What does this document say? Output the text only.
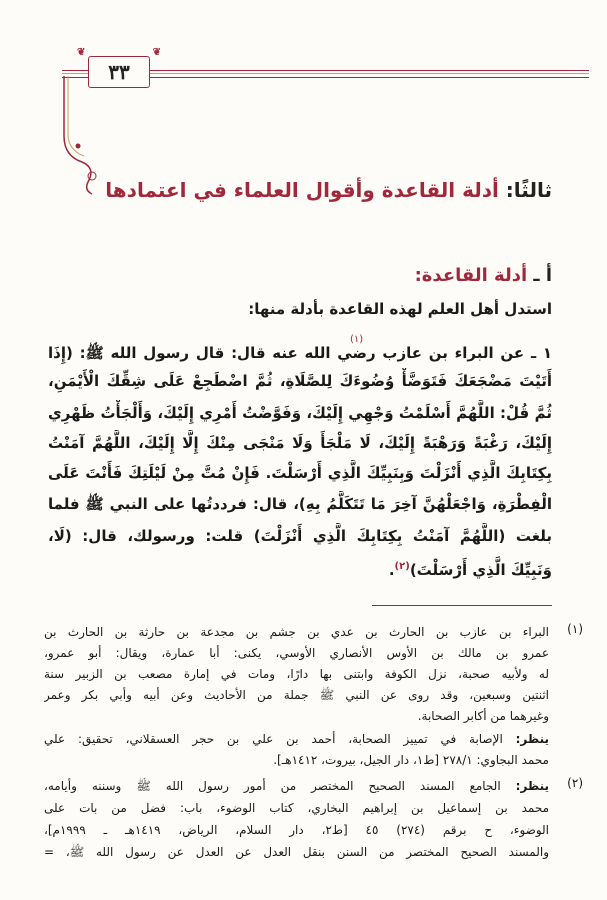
❦
٣٣
❦
ثالثًا: أدلة القاعدة وأقوال العلماء في اعتمادها
أ ـ أدلة القاعدة:
استدل أهل العلم لهذه القاعدة بأدلة منها:
١ ـ عن البراء بن عازب رضي الله عنه قال: قال رسول الله ﷺ: (إِذَا
أَتَيْتَ مَضْجَعَكَ فَتَوَضَّأْ وُضُوءَكَ لِلصَّلَاةِ، ثُمَّ اضْطَجِعْ عَلَى شِقِّكَ الْأَيْمَنِ،
ثُمَّ قُلْ: اللَّهُمَّ أَسْلَمْتُ وَجْهِي إِلَيْكَ، وَفَوَّضْتُ أَمْرِي إِلَيْكَ، وَأَلْجَأْتُ ظَهْرِي
إِلَيْكَ، رَغْبَةً وَرَهْبَةً إِلَيْكَ، لَا مَلْجَأَ وَلَا مَنْجَى مِنْكَ إِلَّا إِلَيْكَ، اللَّهُمَّ آمَنْتُ
بِكِتَابِكَ الَّذِي أَنْزَلْتَ وَبِنَبِيِّكَ الَّذِي أَرْسَلْتَ. فَإِنْ مُتَّ مِنْ لَيْلَتِكَ فَأَنْتَ عَلَى
الْفِطْرَةِ، وَاجْعَلْهُنَّ آخِرَ مَا تَتَكَلَّمُ بِهِ)، قال: فرددتُها على النبي ﷺ فلما
بلغت (اللَّهُمَّ آمَنْتُ بِكِتَابِكَ الَّذِي أَنْزَلْتَ) قلت: ورسولك، قال: (لَا،
وَنَبِيِّكَ الَّذِي أَرْسَلْتَ)$^{(٢)}$.
(١)
(١)
البراء بن عازب بن الحارث بن عدي بن جشم بن مجدعة بن حارثة بن الحارث بن
عمرو بن مالك بن الأوس الأنصاري الأوسي، يكنى: أبا عمارة، ويقال: أبو عمرو،
له ولأبيه صحبة، نزل الكوفة وابتنى بها دارًا، ومات في إمارة مصعب بن الزبير سنة
اثنتين وسبعين، وقد روى عن النبي ﷺ جملة من الأحاديث وعن أبيه وأبي بكر وعمر
وغيرهما من أكابر الصحابة.
ينظر: الإصابة في تمييز الصحابة، أحمد بن علي بن حجر العسقلاني، تحقيق: علي
محمد البجاوي: ٢٧٨/١ [ط١، دار الجيل، بيروت، ١٤١٢هـ].
(٢)
ينظر: الجامع المسند الصحيح المختصر من أمور رسول الله ﷺ وسننه وأيامه،
محمد بن إسماعيل بن إبراهيم البخاري، كتاب الوضوء، باب: فضل من بات على
الوضوء، ح برقم (٢٧٤) ٤٥ [ط٢، دار السلام، الرياض، ١٤١٩هـ ـ ١٩٩٩م]،
والمسند الصحيح المختصر من السنن بنقل العدل عن العدل عن رسول الله ﷺ، =
